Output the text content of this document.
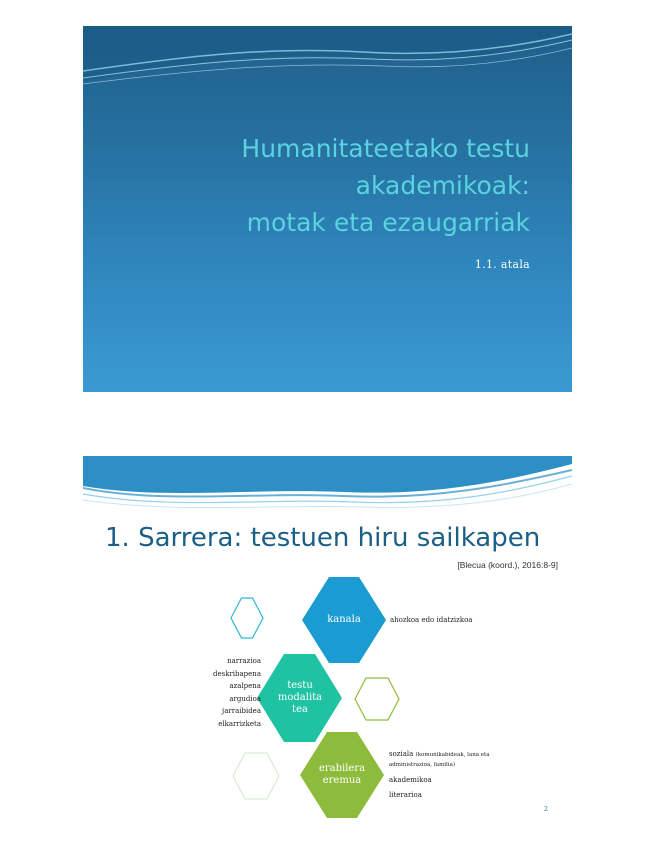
Humanitateetako testu
akademikoak:
motak eta ezaugarriak
1.1. atala
1. Sarrera: testuen hiru sailkapen
[Blecua (koord.), 2016:8-9]
kanala
testu
modalita
tea
erabilera
eremua
ahozkoa edo idatzizkoa
narrazioa
deskribapena
azalpena
argudioa
jarraibidea
elkarrizketa
soziala (komunikabideak, lana eta administrazioa, familia)
akademikoa
literarioa
2
